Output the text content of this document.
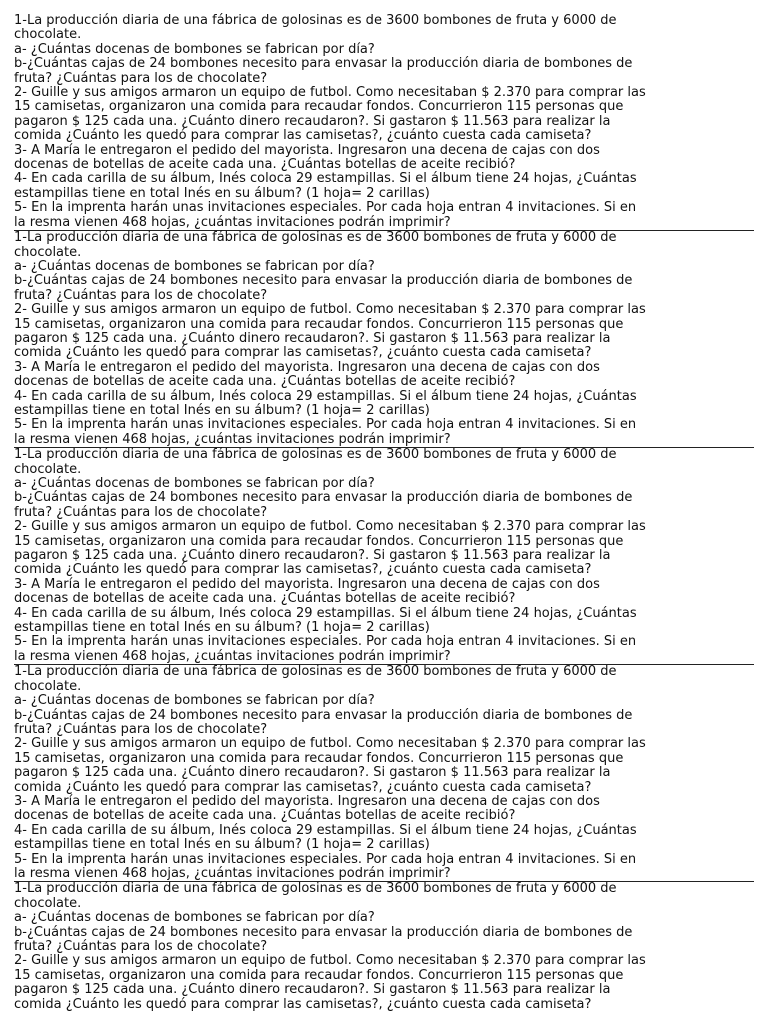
1-La producción diaria de una fábrica de golosinas es de 3600 bombones de fruta y 6000 de
chocolate.
a- ¿Cuántas docenas de bombones se fabrican por día?
b-¿Cuántas cajas de 24 bombones necesito para envasar la producción diaria de bombones de
fruta? ¿Cuántas para los de chocolate?
2- Guille y sus amigos armaron un equipo de futbol. Como necesitaban $ 2.370 para comprar las
15 camisetas, organizaron una comida para recaudar fondos. Concurrieron 115 personas que
pagaron $ 125 cada una. ¿Cuánto dinero recaudaron?. Si gastaron $ 11.563 para realizar la
comida ¿Cuánto les quedó para comprar las camisetas?, ¿cuánto cuesta cada camiseta?
3- A María le entregaron el pedido del mayorista. Ingresaron una decena de cajas con dos
docenas de botellas de aceite cada una. ¿Cuántas botellas de aceite recibió?
4- En cada carilla de su álbum, Inés coloca 29 estampillas. Si el álbum tiene 24 hojas, ¿Cuántas
estampillas tiene en total Inés en su álbum? (1 hoja= 2 carillas)
5- En la imprenta harán unas invitaciones especiales. Por cada hoja entran 4 invitaciones. Si en
la resma vienen 468 hojas, ¿cuántas invitaciones podrán imprimir?
1-La producción diaria de una fábrica de golosinas es de 3600 bombones de fruta y 6000 de
chocolate.
a- ¿Cuántas docenas de bombones se fabrican por día?
b-¿Cuántas cajas de 24 bombones necesito para envasar la producción diaria de bombones de
fruta? ¿Cuántas para los de chocolate?
2- Guille y sus amigos armaron un equipo de futbol. Como necesitaban $ 2.370 para comprar las
15 camisetas, organizaron una comida para recaudar fondos. Concurrieron 115 personas que
pagaron $ 125 cada una. ¿Cuánto dinero recaudaron?. Si gastaron $ 11.563 para realizar la
comida ¿Cuánto les quedó para comprar las camisetas?, ¿cuánto cuesta cada camiseta?
3- A María le entregaron el pedido del mayorista. Ingresaron una decena de cajas con dos
docenas de botellas de aceite cada una. ¿Cuántas botellas de aceite recibió?
4- En cada carilla de su álbum, Inés coloca 29 estampillas. Si el álbum tiene 24 hojas, ¿Cuántas
estampillas tiene en total Inés en su álbum? (1 hoja= 2 carillas)
5- En la imprenta harán unas invitaciones especiales. Por cada hoja entran 4 invitaciones. Si en
la resma vienen 468 hojas, ¿cuántas invitaciones podrán imprimir?
1-La producción diaria de una fábrica de golosinas es de 3600 bombones de fruta y 6000 de
chocolate.
a- ¿Cuántas docenas de bombones se fabrican por día?
b-¿Cuántas cajas de 24 bombones necesito para envasar la producción diaria de bombones de
fruta? ¿Cuántas para los de chocolate?
2- Guille y sus amigos armaron un equipo de futbol. Como necesitaban $ 2.370 para comprar las
15 camisetas, organizaron una comida para recaudar fondos. Concurrieron 115 personas que
pagaron $ 125 cada una. ¿Cuánto dinero recaudaron?. Si gastaron $ 11.563 para realizar la
comida ¿Cuánto les quedó para comprar las camisetas?, ¿cuánto cuesta cada camiseta?
3- A María le entregaron el pedido del mayorista. Ingresaron una decena de cajas con dos
docenas de botellas de aceite cada una. ¿Cuántas botellas de aceite recibió?
4- En cada carilla de su álbum, Inés coloca 29 estampillas. Si el álbum tiene 24 hojas, ¿Cuántas
estampillas tiene en total Inés en su álbum? (1 hoja= 2 carillas)
5- En la imprenta harán unas invitaciones especiales. Por cada hoja entran 4 invitaciones. Si en
la resma vienen 468 hojas, ¿cuántas invitaciones podrán imprimir?
1-La producción diaria de una fábrica de golosinas es de 3600 bombones de fruta y 6000 de
chocolate.
a- ¿Cuántas docenas de bombones se fabrican por día?
b-¿Cuántas cajas de 24 bombones necesito para envasar la producción diaria de bombones de
fruta? ¿Cuántas para los de chocolate?
2- Guille y sus amigos armaron un equipo de futbol. Como necesitaban $ 2.370 para comprar las
15 camisetas, organizaron una comida para recaudar fondos. Concurrieron 115 personas que
pagaron $ 125 cada una. ¿Cuánto dinero recaudaron?. Si gastaron $ 11.563 para realizar la
comida ¿Cuánto les quedó para comprar las camisetas?, ¿cuánto cuesta cada camiseta?
3- A María le entregaron el pedido del mayorista. Ingresaron una decena de cajas con dos
docenas de botellas de aceite cada una. ¿Cuántas botellas de aceite recibió?
4- En cada carilla de su álbum, Inés coloca 29 estampillas. Si el álbum tiene 24 hojas, ¿Cuántas
estampillas tiene en total Inés en su álbum? (1 hoja= 2 carillas)
5- En la imprenta harán unas invitaciones especiales. Por cada hoja entran 4 invitaciones. Si en
la resma vienen 468 hojas, ¿cuántas invitaciones podrán imprimir?
1-La producción diaria de una fábrica de golosinas es de 3600 bombones de fruta y 6000 de
chocolate.
a- ¿Cuántas docenas de bombones se fabrican por día?
b-¿Cuántas cajas de 24 bombones necesito para envasar la producción diaria de bombones de
fruta? ¿Cuántas para los de chocolate?
2- Guille y sus amigos armaron un equipo de futbol. Como necesitaban $ 2.370 para comprar las
15 camisetas, organizaron una comida para recaudar fondos. Concurrieron 115 personas que
pagaron $ 125 cada una. ¿Cuánto dinero recaudaron?. Si gastaron $ 11.563 para realizar la
comida ¿Cuánto les quedó para comprar las camisetas?, ¿cuánto cuesta cada camiseta?
